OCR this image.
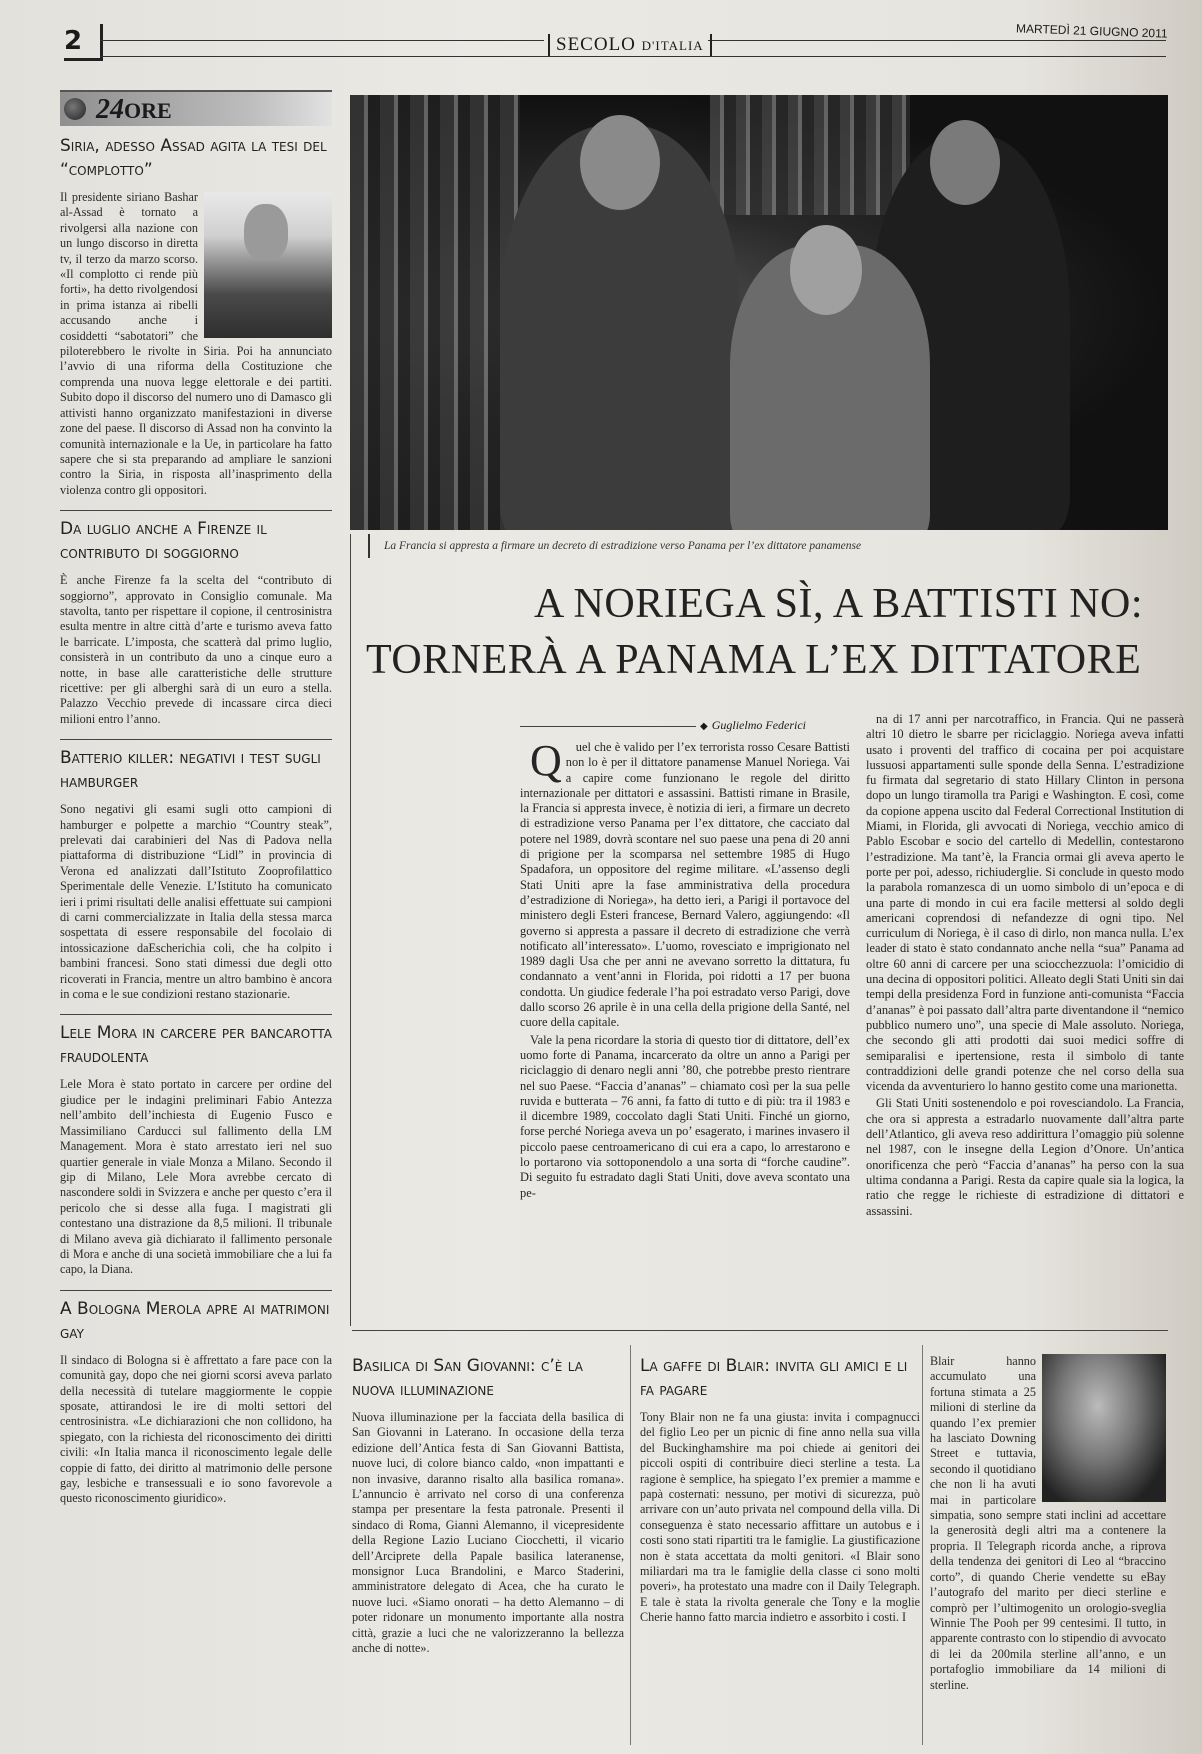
2	SECOLO D'ITALIA
MARTEDÌ 21 GIUGNO 2011
24ORE
Siria, adesso Assad agita la tesi del “complotto”

Il presidente siriano Bashar al-Assad è tornato a rivolgersi alla nazione con un lungo discorso in diretta tv, il terzo da marzo scorso. «Il complotto ci rende più forti», ha detto rivolgendosi in prima istanza ai ribelli accusando anche i cosiddetti “sabotatori” che piloterebbero le rivolte in Siria. Poi ha annunciato l’avvio di una riforma della Costituzione che comprenda una nuova legge elettorale e dei partiti. Subito dopo il discorso del numero uno di Damasco gli attivisti hanno organizzato manifestazioni in diverse zone del paese. Il discorso di Assad non ha convinto la comunità internazionale e la Ue, in particolare ha fatto sapere che si sta preparando ad ampliare le sanzioni contro la Siria, in risposta all’inasprimento della violenza contro gli oppositori.

Da luglio anche a Firenze il contributo di soggiorno

È anche Firenze fa la scelta del “contributo di soggiorno”, approvato in Consiglio comunale. Ma stavolta, tanto per rispettare il copione, il centrosinistra esulta mentre in altre città d’arte e turismo aveva fatto le barricate. L’imposta, che scatterà dal primo luglio, consisterà in un contributo da uno a cinque euro a notte, in base alle caratteristiche delle strutture ricettive: per gli alberghi sarà di un euro a stella. Palazzo Vecchio prevede di incassare circa dieci milioni entro l’anno.

Batterio killer: negativi i test sugli hamburger

Sono negativi gli esami sugli otto campioni di hamburger e polpette a marchio “Country steak”, prelevati dai carabinieri del Nas di Padova nella piattaforma di distribuzione “Lidl” in provincia di Verona ed analizzati dall’Istituto Zooprofilattico Sperimentale delle Venezie. L’Istituto ha comunicato ieri i primi risultati delle analisi effettuate sui campioni di carni commercializzate in Italia della stessa marca sospettata di essere responsabile del focolaio di intossicazione daEscherichia coli, che ha colpito i bambini francesi. Sono stati dimessi due degli otto ricoverati in Francia, mentre un altro bambino è ancora in coma e le sue condizioni restano stazionarie.

Lele Mora in carcere per bancarotta fraudolenta

Lele Mora è stato portato in carcere per ordine del giudice per le indagini preliminari Fabio Antezza nell’ambito dell’inchiesta di Eugenio Fusco e Massimiliano Carducci sul fallimento della LM Management. Mora è stato arrestato ieri nel suo quartier generale in viale Monza a Milano. Secondo il gip di Milano, Lele Mora avrebbe cercato di nascondere soldi in Svizzera e anche per questo c’era il pericolo che si desse alla fuga. I magistrati gli contestano una distrazione da 8,5 milioni. Il tribunale di Milano aveva già dichiarato il fallimento personale di Mora e anche di una società immobiliare che a lui fa capo, la Diana.

A Bologna Merola apre ai matrimoni gay

Il sindaco di Bologna si è affrettato a fare pace con la comunità gay, dopo che nei giorni scorsi aveva parlato della necessità di tutelare maggiormente le coppie sposate, attirandosi le ire di molti settori del centrosinistra. «Le dichiarazioni che non collidono, ha spiegato, con la richiesta del riconoscimento dei diritti civili: «In Italia manca il riconoscimento legale delle coppie di fatto, dei diritto al matrimonio delle persone gay, lesbiche e transessuali e io sono favorevole a questo riconoscimento giuridico».

La Francia si appresta a firmare un decreto di estradizione verso Panama per l’ex dittatore panamense
A NORIEGA SÌ, A BATTISTI NO:
TORNERÀ A PANAMA L’EX DITTATORE
◆ Guglielmo Federici

Quel che è valido per l’ex terrorista rosso Cesare Battisti non lo è per il dittatore panamense Manuel Noriega. Vai a capire come funzionano le regole del diritto internazionale per dittatori e assassini. Battisti rimane in Brasile, la Francia si appresta invece, è notizia di ieri, a firmare un decreto di estradizione verso Panama per l’ex dittatore, che cacciato dal potere nel 1989, dovrà scontare nel suo paese una pena di 20 anni di prigione per la scomparsa nel settembre 1985 di Hugo Spadafora, un oppositore del regime militare. «L’assenso degli Stati Uniti apre la fase amministrativa della procedura d’estradizione di Noriega», ha detto ieri, a Parigi il portavoce del ministero degli Esteri francese, Bernard Valero, aggiungendo: «Il governo si appresta a passare il decreto di estradizione che verrà notificato all’interessato». L’uomo, rovesciato e imprigionato nel 1989 dagli Usa che per anni ne avevano sorretto la dittatura, fu condannato a vent’anni in Florida, poi ridotti a 17 per buona condotta. Un giudice federale l’ha poi estradato verso Parigi, dove dallo scorso 26 aprile è in una cella della prigione della Santé, nel cuore della capitale.

Vale la pena ricordare la storia di questo tior di dittatore, dell’ex uomo forte di Panama, incarcerato da oltre un anno a Parigi per riciclaggio di denaro negli anni ’80, che potrebbe presto rientrare nel suo Paese. “Faccia d’ananas” – chiamato così per la sua pelle ruvida e butterata – 76 anni, fa fatto di tutto e di più: tra il 1983 e il dicembre 1989, coccolato dagli Stati Uniti. Finché un giorno, forse perché Noriega aveva un po’ esagerato, i marines invasero il piccolo paese centroamericano di cui era a capo, lo arrestarono e lo portarono via sottoponendolo a una sorta di “forche caudine”. Di seguito fu estradato dagli Stati Uniti, dove aveva scontato una pe-

na di 17 anni per narcotraffico, in Francia. Qui ne passerà altri 10 dietro le sbarre per riciclaggio. Noriega aveva infatti usato i proventi del traffico di cocaina per poi acquistare lussuosi appartamenti sulle sponde della Senna. L’estradizione fu firmata dal segretario di stato Hillary Clinton in persona dopo un lungo tiramolla tra Parigi e Washington. E così, come da copione appena uscito dal Federal Correctional Institution di Miami, in Florida, gli avvocati di Noriega, vecchio amico di Pablo Escobar e socio del cartello di Medellin, contestarono l’estradizione. Ma tant’è, la Francia ormai gli aveva aperto le porte per poi, adesso, richiuderglie. Si conclude in questo modo la parabola romanzesca di un uomo simbolo di un’epoca e di una parte di mondo in cui era facile mettersi al soldo degli americani coprendosi di nefandezze di ogni tipo. Nel curriculum di Noriega, è il caso di dirlo, non manca nulla. L’ex leader di stato è stato condannato anche nella “sua” Panama ad oltre 60 anni di carcere per una sciocchezzuola: l’omicidio di una decina di oppositori politici. Alleato degli Stati Uniti sin dai tempi della presidenza Ford in funzione anti-comunista “Faccia d’ananas” è poi passato dall’altra parte diventandone il “nemico pubblico numero uno”, una specie di Male assoluto. Noriega, che secondo gli atti prodotti dai suoi medici soffre di semiparalisi e ipertensione, resta il simbolo di tante contraddizioni delle grandi potenze che nel corso della sua vicenda da avventuriero lo hanno gestito come una marionetta.

Gli Stati Uniti sostenendolo e poi rovesciandolo. La Francia, che ora si appresta a estradarlo nuovamente dall’altra parte dell’Atlantico, gli aveva reso addirittura l’omaggio più solenne nel 1987, con le insegne della Legion d’Onore. Un’antica onorificenza che però “Faccia d’ananas” ha perso con la sua ultima condanna a Parigi. Resta da capire quale sia la logica, la ratio che regge le richieste di estradizione di dittatori e assassini.

Basilica di San Giovanni: c’è la nuova illuminazione

Nuova illuminazione per la facciata della basilica di San Giovanni in Laterano. In occasione della terza edizione dell’Antica festa di San Giovanni Battista, nuove luci, di colore bianco caldo, «non impattanti e non invasive, daranno risalto alla basilica romana». L’annuncio è arrivato nel corso di una conferenza stampa per presentare la festa patronale. Presenti il sindaco di Roma, Gianni Alemanno, il vicepresidente della Regione Lazio Luciano Ciocchetti, il vicario dell’Arciprete della Papale basilica lateranense, monsignor Luca Brandolini, e Marco Staderini, amministratore delegato di Acea, che ha curato le nuove luci. «Siamo onorati – ha detto Alemanno – di poter ridonare un monumento importante alla nostra città, grazie a luci che ne valorizzeranno la bellezza anche di notte».

La gaffe di Blair: invita gli amici e li fa pagare

Tony Blair non ne fa una giusta: invita i compagnucci del figlio Leo per un picnic di fine anno nella sua villa del Buckinghamshire ma poi chiede ai genitori dei piccoli ospiti di contribuire dieci sterline a testa. La ragione è semplice, ha spiegato l’ex premier a mamme e papà costernati: nessuno, per motivi di sicurezza, può arrivare con un’auto privata nel compound della villa. Di conseguenza è stato necessario affittare un autobus e i costi sono stati ripartiti tra le famiglie. La giustificazione non è stata accettata da molti genitori. «I Blair sono miliardari ma tra le famiglie della classe ci sono molti poveri», ha protestato una madre con il Daily Telegraph. E tale è stata la rivolta generale che Tony e la moglie Cherie hanno fatto marcia indietro e assorbito i costi. I

Blair hanno accumulato una fortuna stimata a 25 milioni di sterline da quando l’ex premier ha lasciato Downing Street e tuttavia, secondo il quotidiano che non li ha avuti mai in particolare simpatia, sono sempre stati inclini ad accettare la generosità degli altri ma a contenere la propria. Il Telegraph ricorda anche, a riprova della tendenza dei genitori di Leo al “braccino corto”, di quando Cherie vendette su eBay l’autografo del marito per dieci sterline e comprò per l’ultimogenito un orologio-sveglia Winnie The Pooh per 99 centesimi. Il tutto, in apparente contrasto con lo stipendio di avvocato di lei da 200mila sterline all’anno, e un portafoglio immobiliare da 14 milioni di sterline.
